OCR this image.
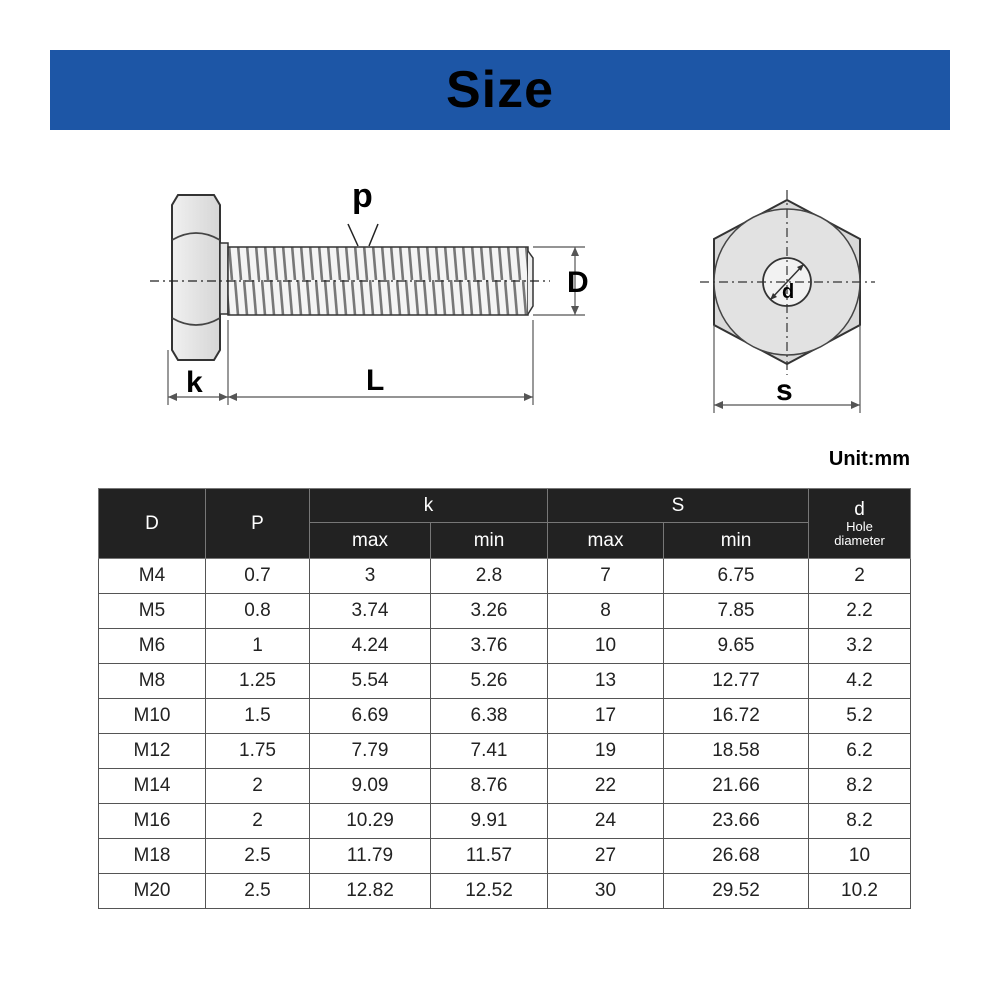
Size
p
D
k	L
d
s
Unit:mm
D	P	k		S		d
Hole
diameter

		max	min	max	min	
M4	0.7	3	2.8	7	6.75	2
M5	0.8	3.74	3.26	8	7.85	2.2
M6	1	4.24	3.76	10	9.65	3.2
M8	1.25	5.54	5.26	13	12.77	4.2
M10	1.5	6.69	6.38	17	16.72	5.2
M12	1.75	7.79	7.41	19	18.58	6.2
M14	2	9.09	8.76	22	21.66	8.2
M16	2	10.29	9.91	24	23.66	8.2
M18	2.5	11.79	11.57	27	26.68	10
M20	2.5	12.82	12.52	30	29.52	10.2
